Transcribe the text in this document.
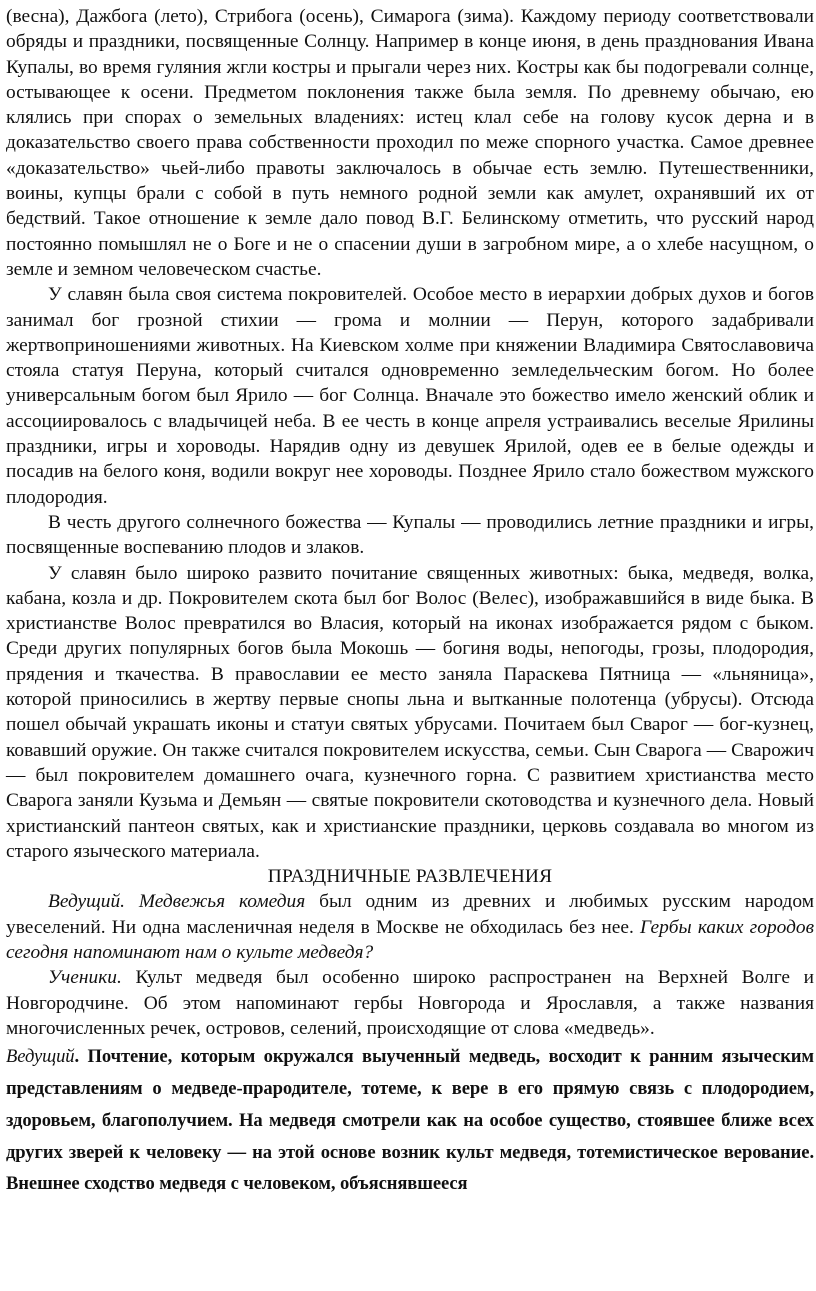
(весна), Дажбога (лето), Стрибога (осень), Симарога (зима). Каждому периоду соответствовали обряды и праздники, посвященные Солнцу. Например в конце июня, в день празднования Ивана Купалы, во время гуляния жгли костры и прыгали через них. Костры как бы подогревали солнце, остывающее к осени. Предметом поклонения также была земля. По древнему обычаю, ею клялись при спорах о земельных владениях: истец клал себе на голову кусок дерна и в доказательство своего права собственности проходил по меже спорного участка. Самое древнее «доказательство» чьей-либо правоты заключалось в обычае есть землю. Путешественники, воины, купцы брали с собой в путь немного родной земли как амулет, охранявший их от бедствий. Такое отношение к земле дало повод В.Г. Белинскому отметить, что русский народ постоянно помышлял не о Боге и не о спасении души в загробном мире, а о хлебе насущном, о земле и земном человеческом счастье.

У славян была своя система покровителей. Особое место в иерархии добрых духов и богов занимал бог грозной стихии — грома и молнии — Перун, которого задабривали жертвоприношениями животных. На Киевском холме при княжении Владимира Святославовича стояла статуя Перуна, который считался одновременно земледельческим богом. Но более универсальным богом был Ярило — бог Солнца. Вначале это божество имело женский облик и ассоциировалось с владычицей неба. В ее честь в конце апреля устраивались веселые Ярилины праздники, игры и хороводы. Нарядив одну из девушек Ярилой, одев ее в белые одежды и посадив на белого коня, водили вокруг нее хороводы. Позднее Ярило стало божеством мужского плодородия.

В честь другого солнечного божества — Купалы — проводились летние праздники и игры, посвященные воспеванию плодов и злаков.

У славян было широко развито почитание священных животных: быка, медведя, волка, кабана, козла и др. Покровителем скота был бог Волос (Велес), изображавшийся в виде быка. В христианстве Волос превратился во Власия, который на иконах изображается рядом с быком. Среди других популярных богов была Мокошь — богиня воды, непогоды, грозы, плодородия, прядения и ткачества. В православии ее место заняла Параскева Пятница — «льняница», которой приносились в жертву первые снопы льна и вытканные полотенца (убрусы). Отсюда пошел обычай украшать иконы и статуи святых убрусами. Почитаем был Сварог — бог-кузнец, ковавший оружие. Он также считался покровителем искусства, семьи. Сын Сварога — Сварожич — был покровителем домашнего очага, кузнечного горна. С развитием христианства место Сварога заняли Кузьма и Демьян — святые покровители скотоводства и кузнечного дела. Новый христианский пантеон святых, как и христианские праздники, церковь создавала во многом из старого языческого материала.

ПРАЗДНИЧНЫЕ РАЗВЛЕЧЕНИЯ

Ведущий. Медвежья комедия был одним из древних и любимых русским народом увеселений. Ни одна масленичная неделя в Москве не обходилась без нее. Гербы каких городов сегодня напоминают нам о культе медведя?

Ученики. Культ медведя был особенно широко распространен на Верхней Волге и Новгородчине. Об этом напоминают гербы Новгорода и Ярославля, а также названия многочисленных речек, островов, селений, происходящие от слова «медведь».

Ведущий. Почтение, которым окружался выученный медведь, восходит к ранним языческим представлениям о медведе-прародителе, тотеме, к вере в его прямую связь с плодородием, здоровьем, благополучием. На медведя смотрели как на особое существо, стоявшее ближе всех других зверей к человеку — на этой основе возник культ медведя, тотемистическое верование. Внешнее сходство медведя с человеком, объяснявшееся
